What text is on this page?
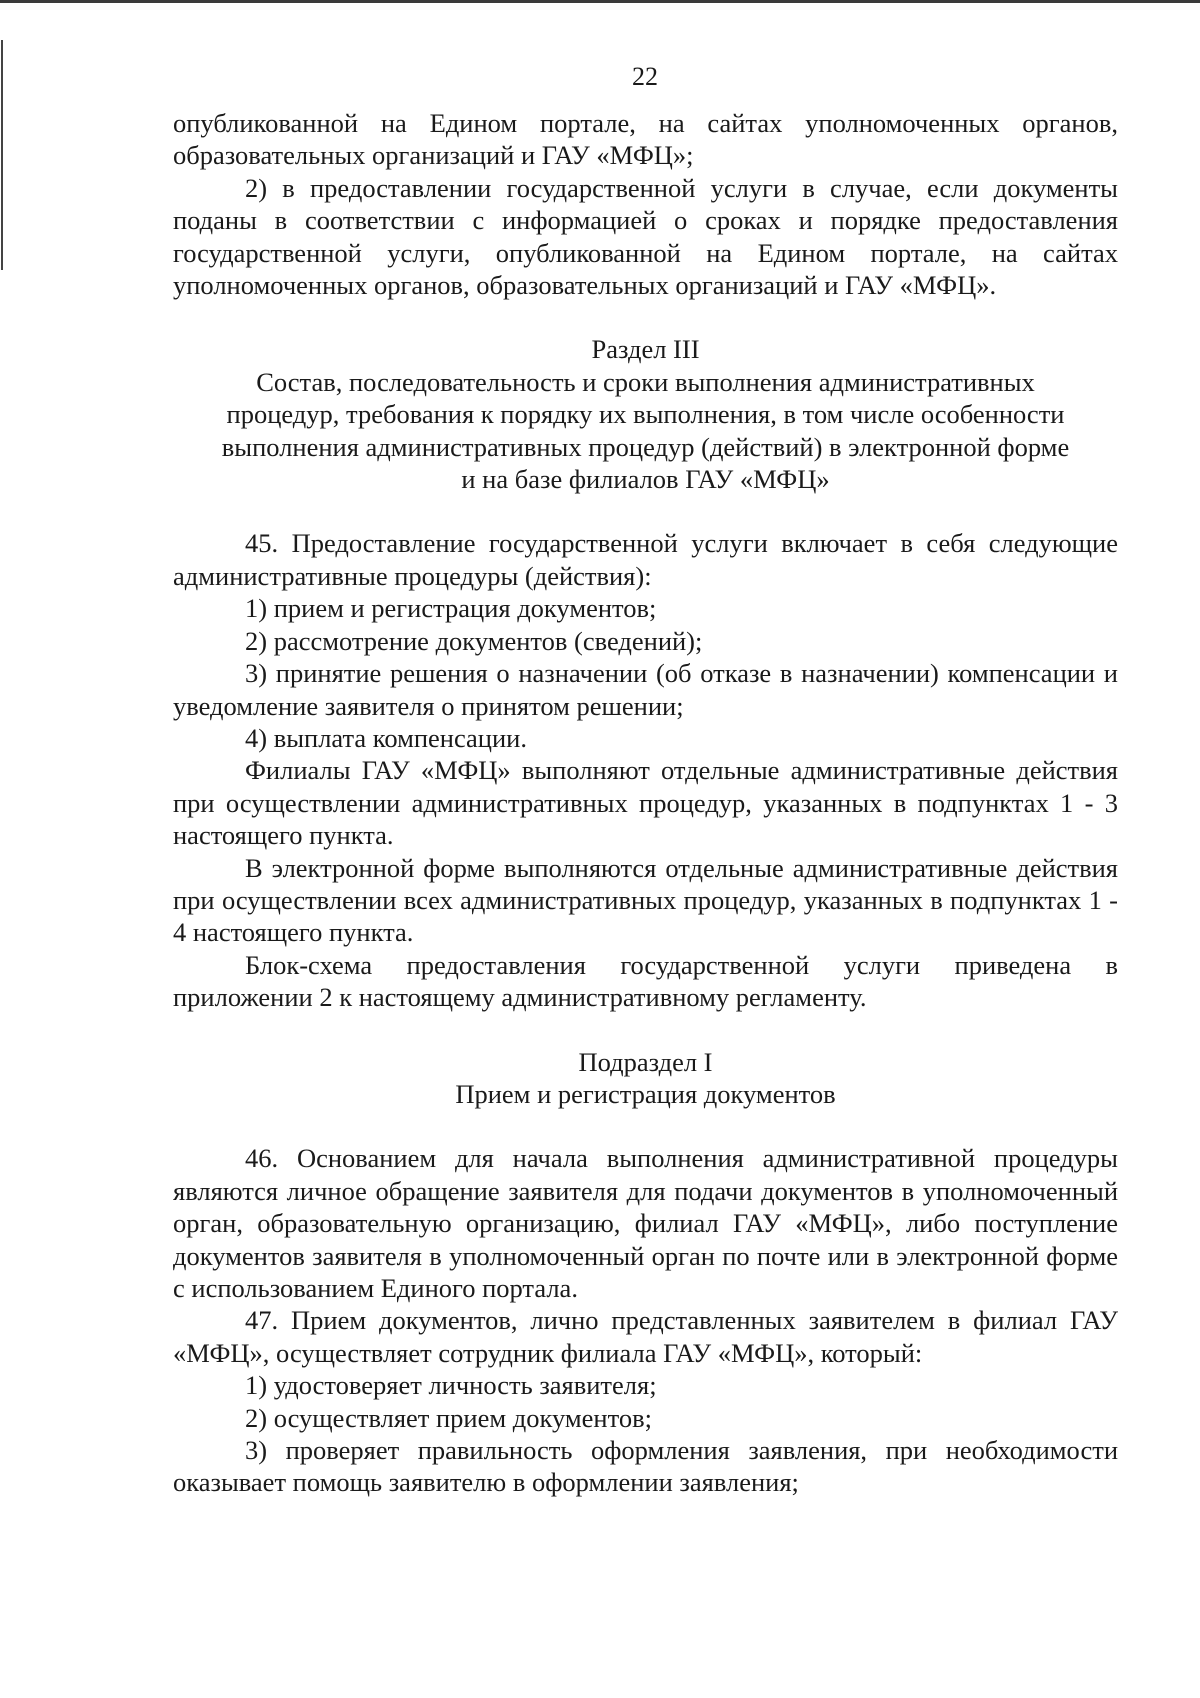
22

опубликованной на Едином портале, на сайтах уполномоченных органов, образовательных организаций и ГАУ «МФЦ»;

2) в предоставлении государственной услуги в случае, если документы поданы в соответствии с информацией о сроках и порядке предоставления государственной услуги, опубликованной на Едином портале, на сайтах уполномоченных органов, образовательных организаций и ГАУ «МФЦ».

Раздел III

Состав, последовательность и сроки выполнения административных

процедур, требования к порядку их выполнения, в том числе особенности

выполнения административных процедур (действий) в электронной форме

и на базе филиалов ГАУ «МФЦ»

45. Предоставление государственной услуги включает в себя следующие административные процедуры (действия):

1) прием и регистрация документов;

2) рассмотрение документов (сведений);

3) принятие решения о назначении (об отказе в назначении) компенсации и уведомление заявителя о принятом решении;

4) выплата компенсации.

Филиалы ГАУ «МФЦ» выполняют отдельные административные действия при осуществлении административных процедур, указанных в подпунктах 1 - 3 настоящего пункта.

В электронной форме выполняются отдельные административные действия при осуществлении всех административных процедур, указанных в подпунктах 1 - 4 настоящего пункта.

Блок-схема предоставления государственной услуги приведена в приложении 2 к настоящему административному регламенту.

Подраздел I

Прием и регистрация документов

46. Основанием для начала выполнения административной процедуры являются личное обращение заявителя для подачи документов в уполномоченный орган, образовательную организацию, филиал ГАУ «МФЦ», либо поступление документов заявителя в уполномоченный орган по почте или в электронной форме с использованием Единого портала.

47. Прием документов, лично представленных заявителем в филиал ГАУ «МФЦ», осуществляет сотрудник филиала ГАУ «МФЦ», который:

1) удостоверяет личность заявителя;

2) осуществляет прием документов;

3) проверяет правильность оформления заявления, при необходимости оказывает помощь заявителю в оформлении заявления;
